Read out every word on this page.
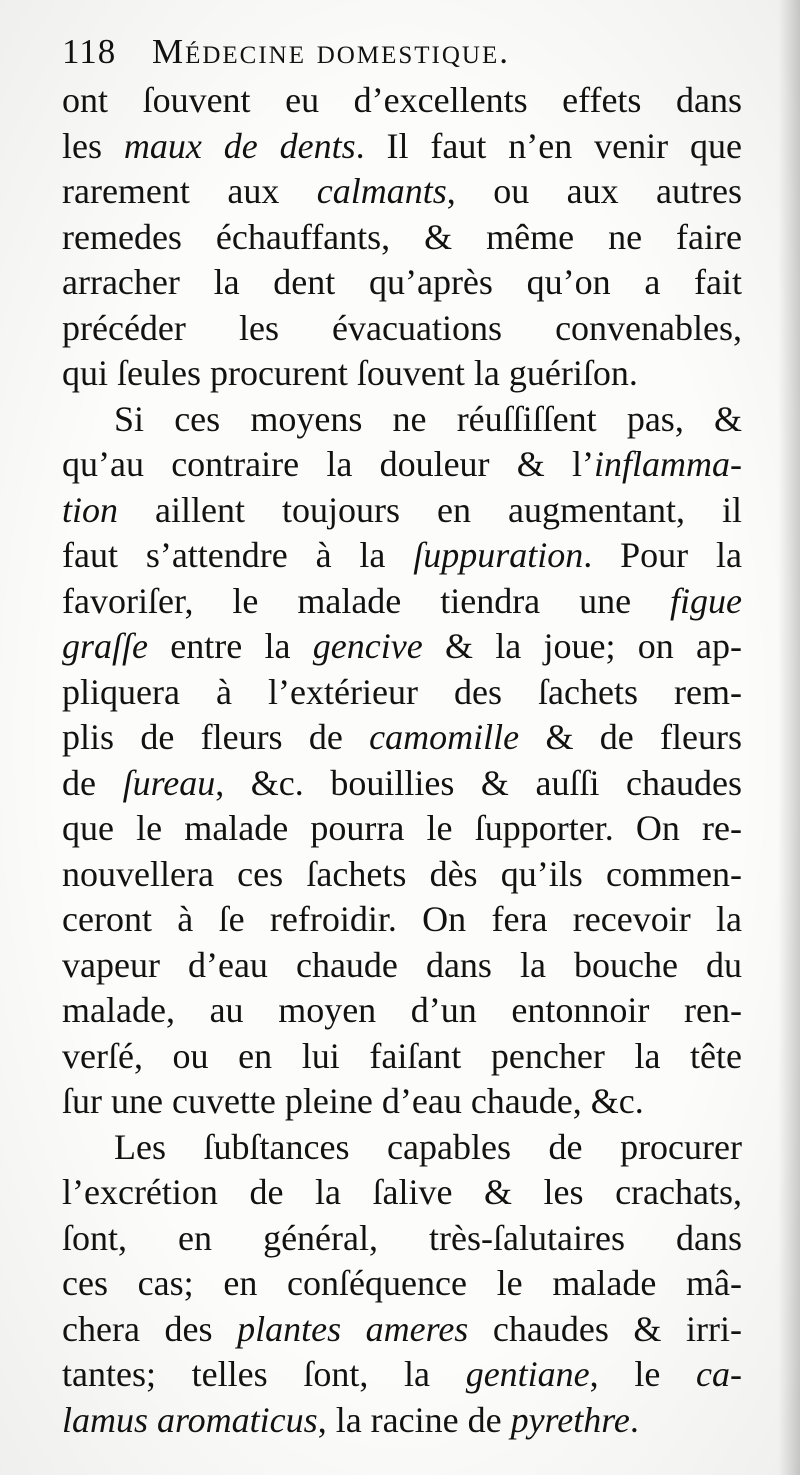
118 Médecine domestique.
ont ſouvent eu d’excellents effets dans
les maux de dents. Il faut n’en venir que
rarement aux calmants, ou aux autres
remedes échauffants, & même ne faire
arracher la dent qu’après qu’on a fait
précéder les évacuations convenables,
qui ſeules procurent ſouvent la guériſon.
Si ces moyens ne réuſſiſſent pas, &
qu’au contraire la douleur & l’inflamma-
tion aillent toujours en augmentant, il
faut s’attendre à la ſuppuration. Pour la
favoriſer, le malade tiendra une figue
graſſe entre la gencive & la joue; on ap-
pliquera à l’extérieur des ſachets rem-
plis de fleurs de camomille & de fleurs
de ſureau, &c. bouillies & auſſi chaudes
que le malade pourra le ſupporter. On re-
nouvellera ces ſachets dès qu’ils commen-
ceront à ſe refroidir. On fera recevoir la
vapeur d’eau chaude dans la bouche du
malade, au moyen d’un entonnoir ren-
verſé, ou en lui faiſant pencher la tête
ſur une cuvette pleine d’eau chaude, &c.
Les ſubſtances capables de procurer
l’excrétion de la ſalive & les crachats,
ſont, en général, très-ſalutaires dans
ces cas; en conſéquence le malade mâ-
chera des plantes ameres chaudes & irri-
tantes; telles ſont, la gentiane, le ca-
lamus aromaticus, la racine de pyrethre.
